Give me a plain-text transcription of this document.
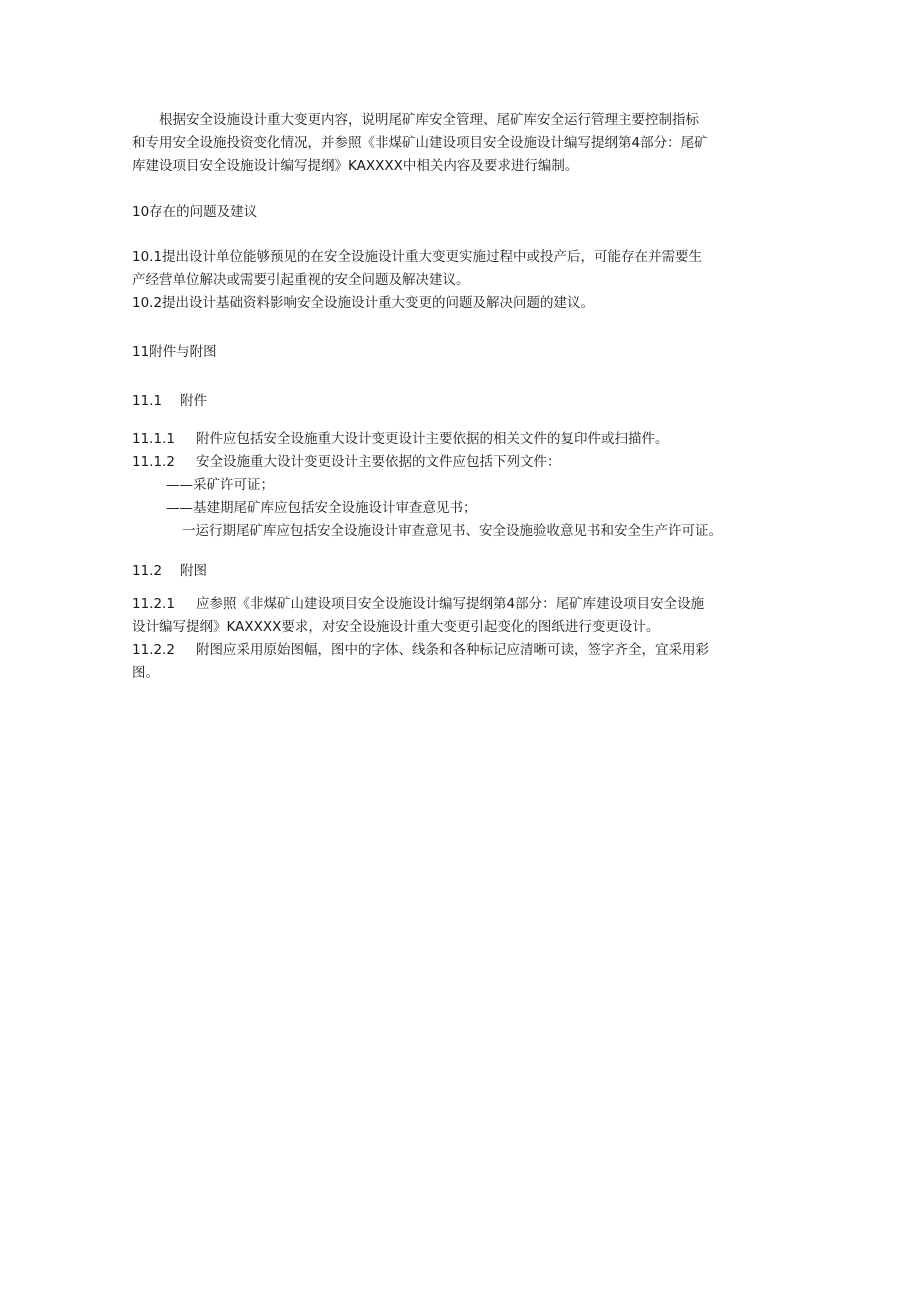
根据安全设施设计重大变更内容，说明尾矿库安全管理、尾矿库安全运行管理主要控制指标
和专用安全设施投资变化情况，并参照《非煤矿山建设项目安全设施设计编写提纲第4部分：尾矿
库建设项目安全设施设计编写提纲》KAXXXX中相关内容及要求进行编制。
10存在的问题及建议
10.1提出设计单位能够预见的在安全设施设计重大变更实施过程中或投产后，可能存在并需要生
产经营单位解决或需要引起重视的安全问题及解决建议。
10.2提出设计基础资料影响安全设施设计重大变更的问题及解决问题的建议。
11附件与附图
11.1 附件
11.1.1 附件应包括安全设施重大设计变更设计主要依据的相关文件的复印件或扫描件。
11.1.2 安全设施重大设计变更设计主要依据的文件应包括下列文件：
——采矿许可证；
——基建期尾矿库应包括安全设施设计审查意见书；
一运行期尾矿库应包括安全设施设计审查意见书、安全设施验收意见书和安全生产许可证。
11.2 附图
11.2.1 应参照《非煤矿山建设项目安全设施设计编写提纲第4部分：尾矿库建设项目安全设施
设计编写提纲》KAXXXX要求，对安全设施设计重大变更引起变化的图纸进行变更设计。
11.2.2 附图应采用原始图幅，图中的字体、线条和各种标记应清晰可读，签字齐全，宜采用彩
图。
